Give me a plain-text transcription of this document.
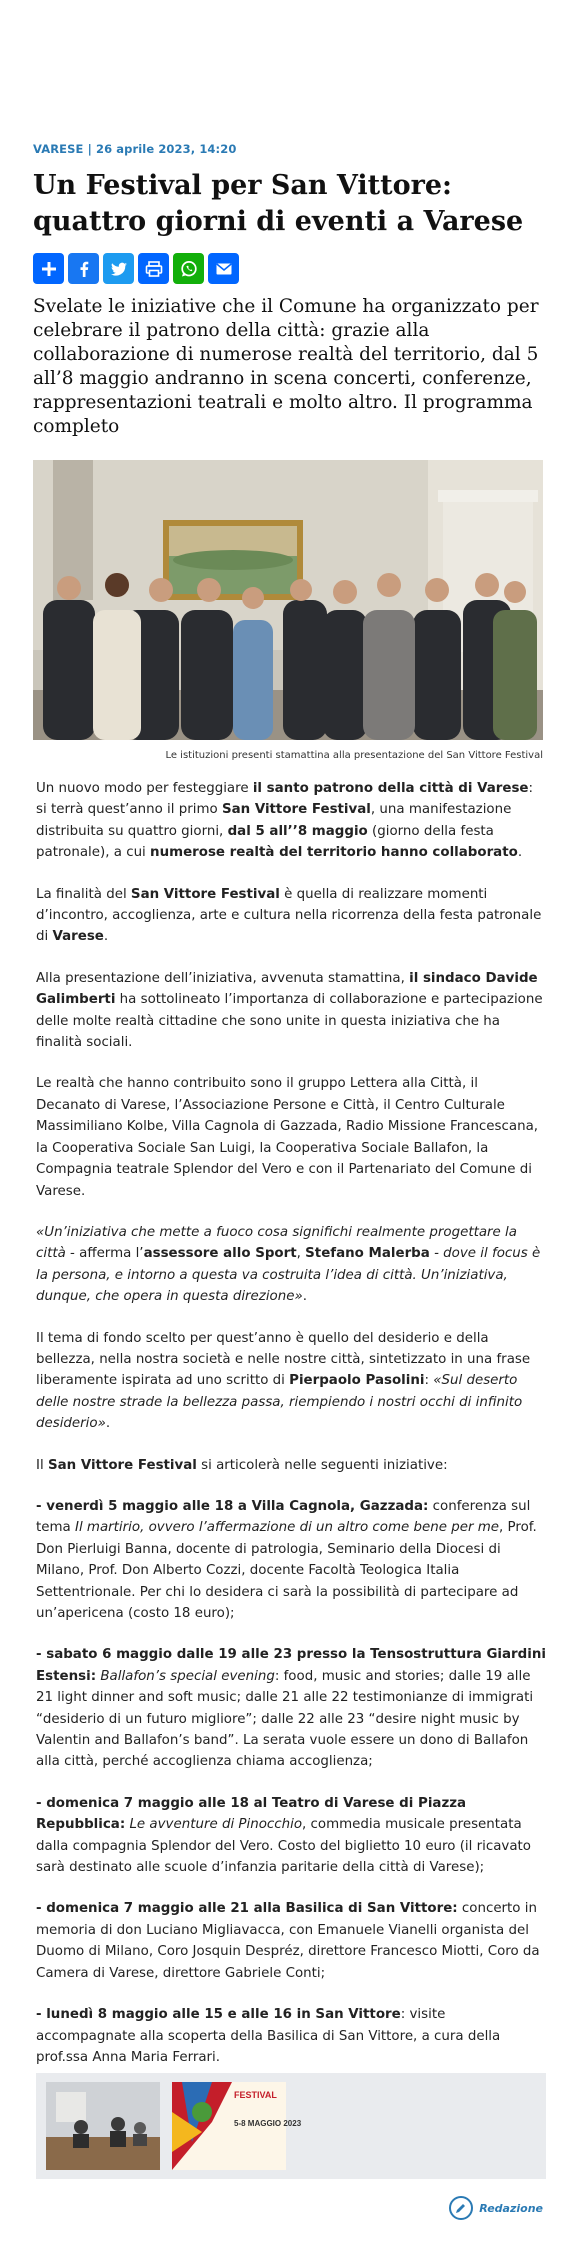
VARESE | 26 aprile 2023, 14:20
Un Festival per San Vittore: quattro giorni di eventi a Varese

Svelate le iniziative che il Comune ha organizzato per celebrare il patrono della città: grazie alla collaborazione di numerose realtà del territorio, dal 5 all’8 maggio andranno in scena concerti, conferenze, rappresentazioni teatrali e molto altro. Il programma completo

Le istituzioni presenti stamattina alla presentazione del San Vittore Festival

Un nuovo modo per festeggiare il santo patrono della città di Varese: si terrà quest’anno il primo San Vittore Festival, una manifestazione distribuita su quattro giorni, dal 5 all’’8 maggio (giorno della festa patronale), a cui numerose realtà del territorio hanno collaborato.

La finalità del San Vittore Festival è quella di realizzare momenti d’incontro, accoglienza, arte e cultura nella ricorrenza della festa patronale di Varese.

Alla presentazione dell’iniziativa, avvenuta stamattina, il sindaco Davide Galimberti ha sottolineato l’importanza di collaborazione e partecipazione delle molte realtà cittadine che sono unite in questa iniziativa che ha finalità sociali.

Le realtà che hanno contribuito sono il gruppo Lettera alla Città, il Decanato di Varese, l’Associazione Persone e Città, il Centro Culturale Massimiliano Kolbe, Villa Cagnola di Gazzada, Radio Missione Francescana, la Cooperativa Sociale San Luigi, la Cooperativa Sociale Ballafon, la Compagnia teatrale Splendor del Vero e con il Partenariato del Comune di Varese.

«Un’iniziativa che mette a fuoco cosa significhi realmente progettare la città - afferma l’assessore allo Sport, Stefano Malerba - dove il focus è la persona, e intorno a questa va costruita l’idea di città. Un’iniziativa, dunque, che opera in questa direzione».

Il tema di fondo scelto per quest’anno è quello del desiderio e della bellezza, nella nostra società e nelle nostre città, sintetizzato in una frase liberamente ispirata ad uno scritto di Pierpaolo Pasolini: «Sul deserto delle nostre strade la bellezza passa, riempiendo i nostri occhi di infinito desiderio».

Il San Vittore Festival si articolerà nelle seguenti iniziative:

- venerdì 5 maggio alle 18 a Villa Cagnola, Gazzada: conferenza sul tema Il martirio, ovvero l’affermazione di un altro come bene per me, Prof. Don Pierluigi Banna, docente di patrologia, Seminario della Diocesi di Milano, Prof. Don Alberto Cozzi, docente Facoltà Teologica Italia Settentrionale. Per chi lo desidera ci sarà la possibilità di partecipare ad un’apericena (costo 18 euro);

- sabato 6 maggio dalle 19 alle 23 presso la Tensostruttura Giardini Estensi: Ballafon’s special evening: food, music and stories; dalle 19 alle 21 light dinner and soft music; dalle 21 alle 22 testimonianze di immigrati “desiderio di un futuro migliore”; dalle 22 alle 23 “desire night music by Valentin and Ballafon’s band”. La serata vuole essere un dono di Ballafon alla città, perché accoglienza chiama accoglienza;

- domenica 7 maggio alle 18 al Teatro di Varese di Piazza Repubblica: Le avventure di Pinocchio, commedia musicale presentata dalla compagnia Splendor del Vero. Costo del biglietto 10 euro (il ricavato sarà destinato alle scuole d’infanzia paritarie della città di Varese);

- domenica 7 maggio alle 21 alla Basilica di San Vittore: concerto in memoria di don Luciano Migliavacca, con Emanuele Vianelli organista del Duomo di Milano, Coro Josquin Despréz, direttore Francesco Miotti, Coro da Camera di Varese, direttore Gabriele Conti;

- lunedì 8 maggio alle 15 e alle 16 in San Vittore: visite accompagnate alla scoperta della Basilica di San Vittore, a cura della prof.ssa Anna Maria Ferrari.

FESTIVAL
5-8 MAGGIO 2023
Redazione
